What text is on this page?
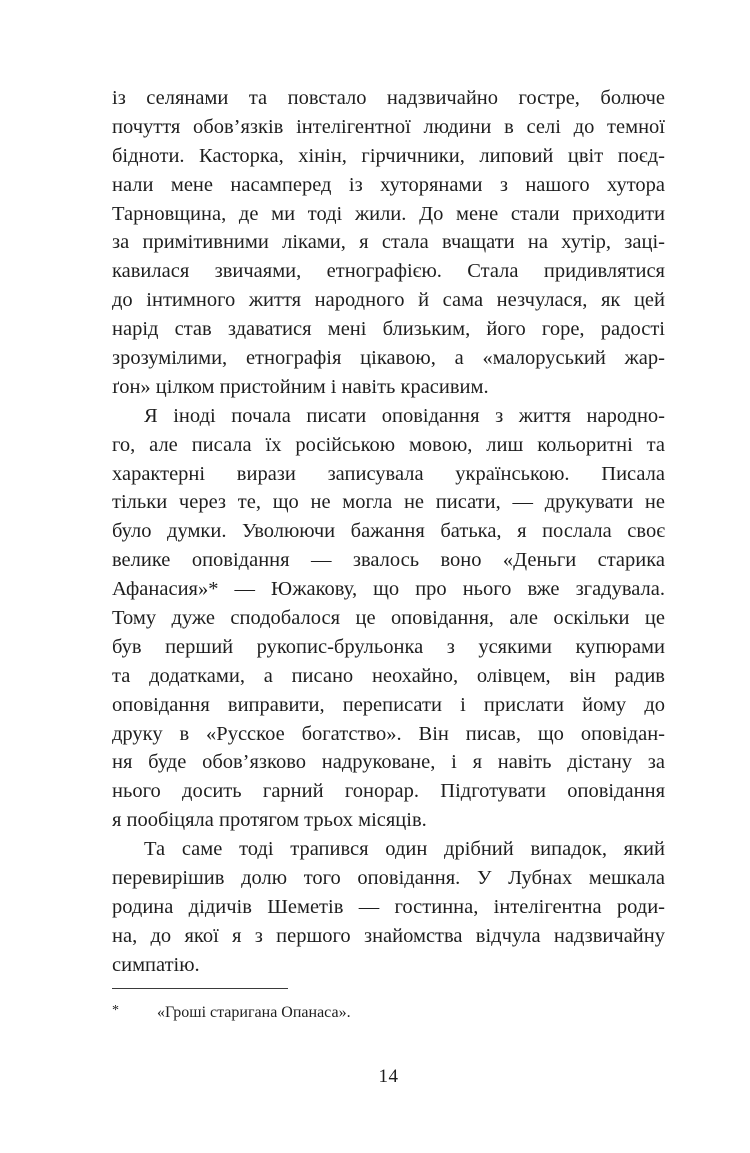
із селянами та повстало надзвичайно гостре, болюче
почуття обов’язків інтелігентної людини в селі до темної
бідноти. Касторка, хінін, гірчичники, липовий цвіт поєд-
нали мене насамперед із хуторянами з нашого хутора
Тарновщина, де ми тоді жили. До мене стали приходити
за примітивними ліками, я стала вчащати на хутір, заці-
кавилася звичаями, етнографією. Стала придивлятися
до інтимного життя народного й сама незчулася, як цей
нарід став здаватися мені близьким, його горе, радості
зрозумілими, етнографія цікавою, а «малоруський жар-
ґон» цілком пристойним і навіть красивим.
Я іноді почала писати оповідання з життя народно-
го, але писала їх російською мовою, лиш кольоритні та
характерні вирази записувала українською. Писала
тільки через те, що не могла не писати, — друкувати не
було думки. Уволюючи бажання батька, я послала своє
велике оповідання — звалось воно «Деньги старика
Афанасия»* — Южакову, що про нього вже згадувала.
Тому дуже сподобалося це оповідання, але оскільки це
був перший рукопис-брульонка з усякими купюрами
та додатками, а писано неохайно, олівцем, він радив
оповідання виправити, переписати і прислати йому до
друку в «Русское богатство». Він писав, що оповідан-
ня буде обов’язково надруковане, і я навіть дістану за
нього досить гарний гонорар. Підготувати оповідання
я пообіцяла протягом трьох місяців.
Та саме тоді трапився один дрібний випадок, який
перевирішив долю того оповідання. У Лубнах мешкала
родина дідичів Шеметів — гостинна, інтелігентна роди-
на, до якої я з першого знайомства відчула надзвичайну
симпатію.
* «Гроші старигана Опанаса».
14
